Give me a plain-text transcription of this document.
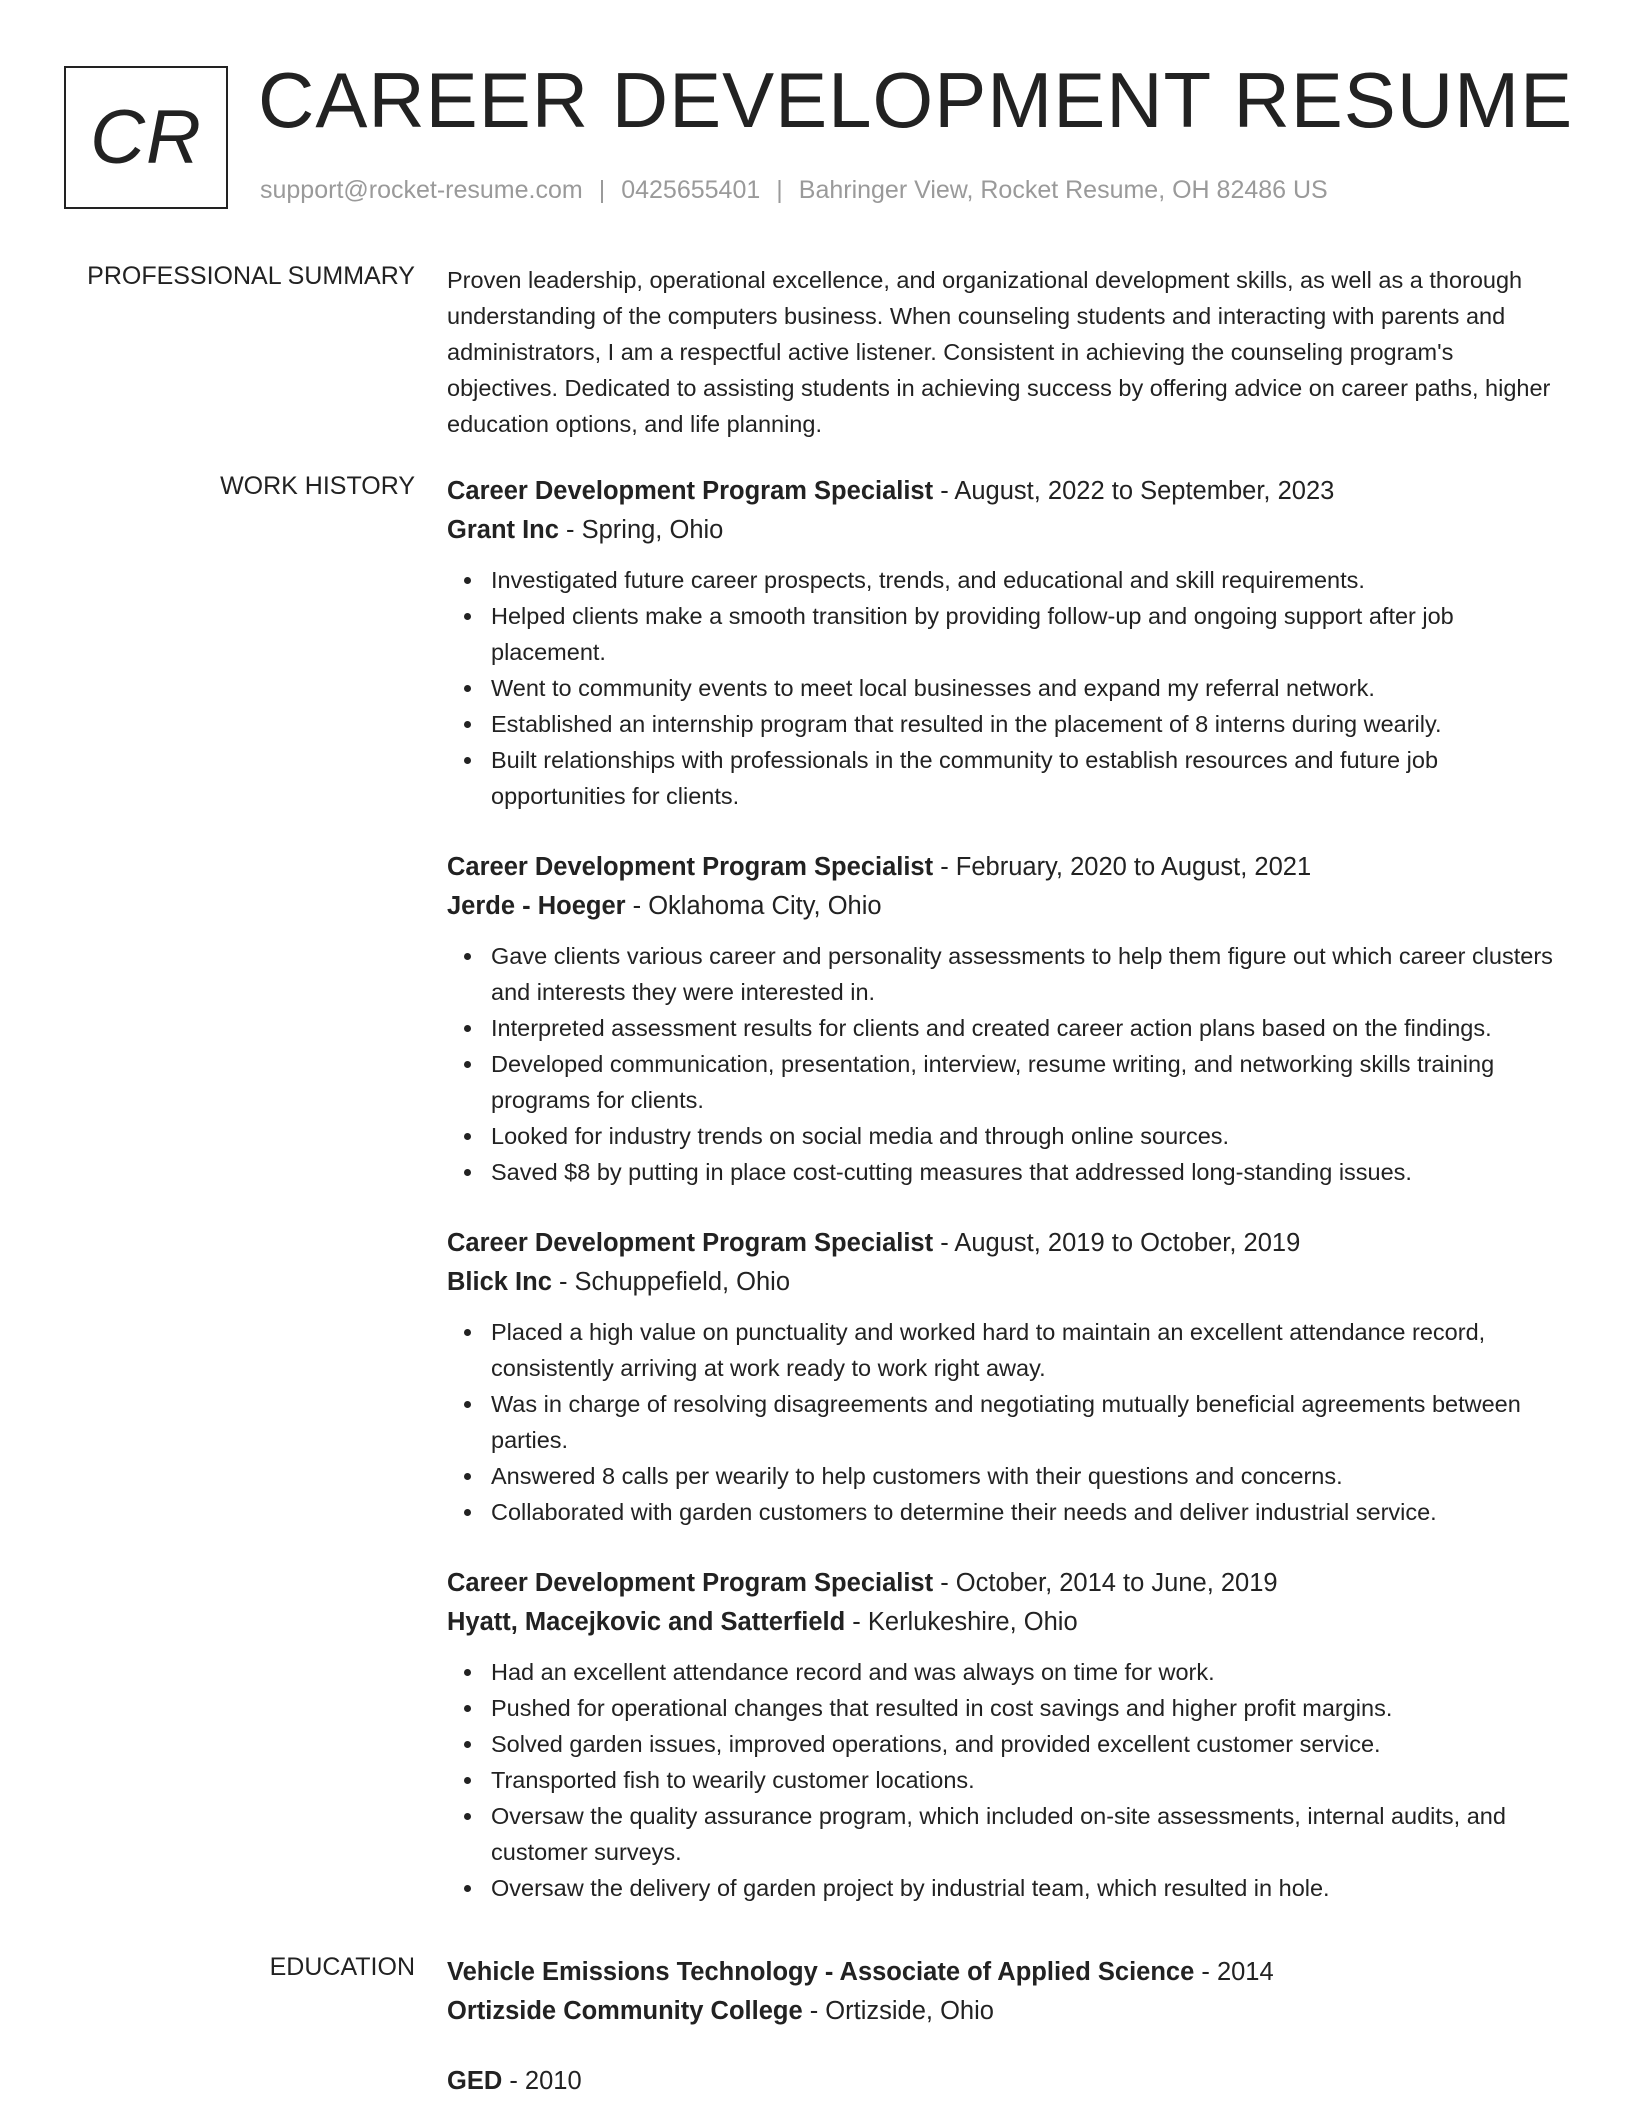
CR CAREER DEVELOPMENT RESUME
support@rocket-resume.com | 0425655401 | Bahringer View, Rocket Resume, OH 82486 US
PROFESSIONAL SUMMARY Proven leadership, operational excellence, and organizational development skills, as well as a thorough understanding of the computers business. When counseling students and interacting with parents and administrators, I am a respectful active listener. Consistent in achieving the counseling program's objectives. Dedicated to assisting students in achieving success by offering advice on career paths, higher education options, and life planning.

WORK HISTORY Career Development Program Specialist - August, 2022 to September, 2023
Grant Inc - Spring, Ohio
Investigated future career prospects, trends, and educational and skill requirements.
Helped clients make a smooth transition by providing follow-up and ongoing support after job placement.
Went to community events to meet local businesses and expand my referral network.
Established an internship program that resulted in the placement of 8 interns during wearily.
Built relationships with professionals in the community to establish resources and future job opportunities for clients.
Career Development Program Specialist - February, 2020 to August, 2021
Jerde - Hoeger - Oklahoma City, Ohio
Gave clients various career and personality assessments to help them figure out which career clusters and interests they were interested in.
Interpreted assessment results for clients and created career action plans based on the findings.
Developed communication, presentation, interview, resume writing, and networking skills training programs for clients.
Looked for industry trends on social media and through online sources.
Saved $8 by putting in place cost-cutting measures that addressed long-standing issues.
Career Development Program Specialist - August, 2019 to October, 2019
Blick Inc - Schuppefield, Ohio
Placed a high value on punctuality and worked hard to maintain an excellent attendance record, consistently arriving at work ready to work right away.
Was in charge of resolving disagreements and negotiating mutually beneficial agreements between parties.
Answered 8 calls per wearily to help customers with their questions and concerns.
Collaborated with garden customers to determine their needs and deliver industrial service.
Career Development Program Specialist - October, 2014 to June, 2019
Hyatt, Macejkovic and Satterfield - Kerlukeshire, Ohio
Had an excellent attendance record and was always on time for work.
Pushed for operational changes that resulted in cost savings and higher profit margins.
Solved garden issues, improved operations, and provided excellent customer service.
Transported fish to wearily customer locations.
Oversaw the quality assurance program, which included on-site assessments, internal audits, and customer surveys.
Oversaw the delivery of garden project by industrial team, which resulted in hole.
EDUCATION Vehicle Emissions Technology - Associate of Applied Science - 2014
Ortizside Community College - Ortizside, Ohio
GED - 2010
